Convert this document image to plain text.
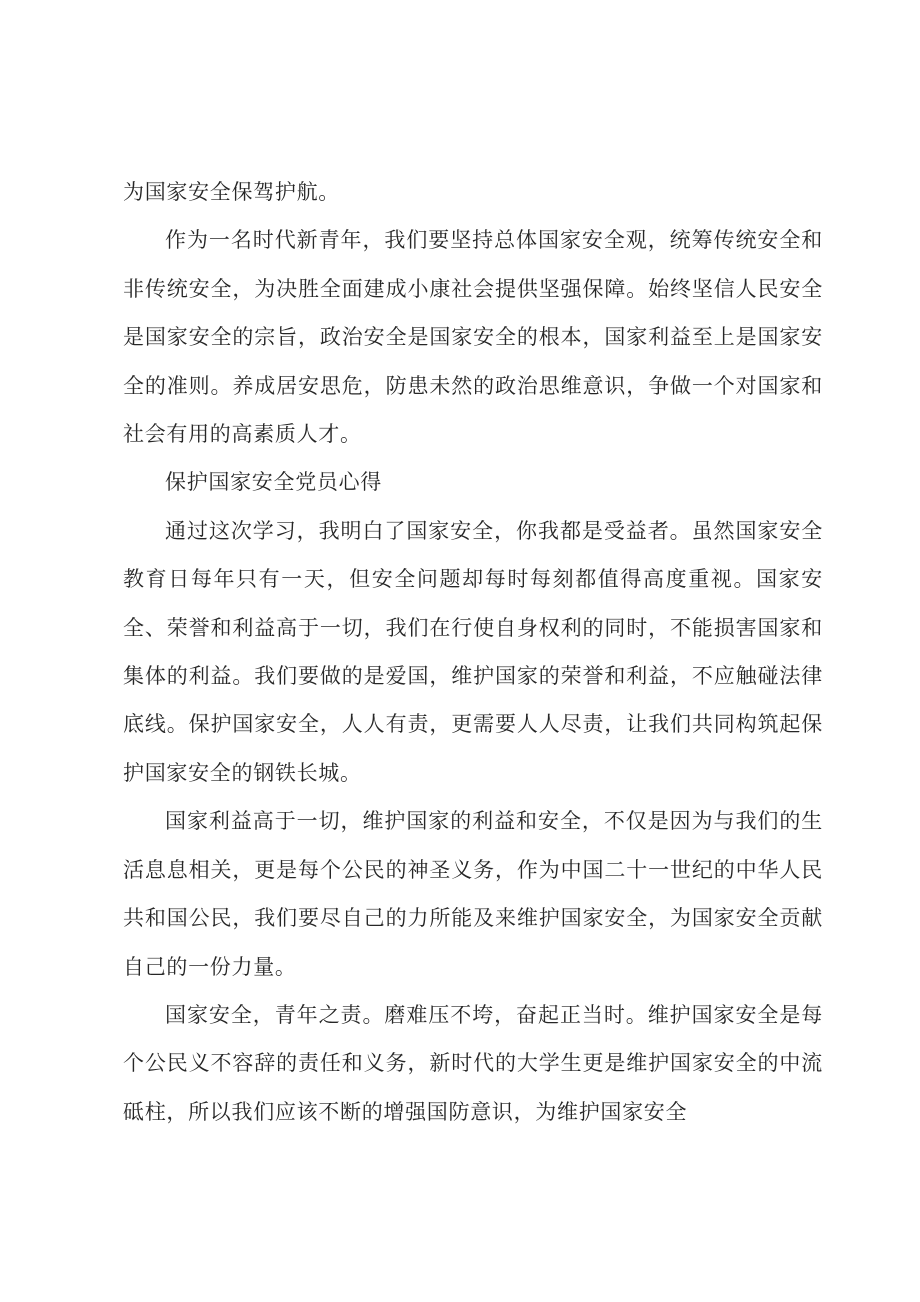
为国家安全保驾护航。

作为一名时代新青年，我们要坚持总体国家安全观，统筹传统安全和非传统安全，为决胜全面建成小康社会提供坚强保障。始终坚信人民安全是国家安全的宗旨，政治安全是国家安全的根本，国家利益至上是国家安全的准则。养成居安思危，防患未然的政治思维意识，争做一个对国家和社会有用的高素质人才。

保护国家安全党员心得

通过这次学习，我明白了国家安全，你我都是受益者。虽然国家安全教育日每年只有一天，但安全问题却每时每刻都值得高度重视。国家安全、荣誉和利益高于一切，我们在行使自身权利的同时，不能损害国家和集体的利益。我们要做的是爱国，维护国家的荣誉和利益，不应触碰法律底线。保护国家安全，人人有责，更需要人人尽责，让我们共同构筑起保护国家安全的钢铁长城。

国家利益高于一切，维护国家的利益和安全，不仅是因为与我们的生活息息相关，更是每个公民的神圣义务，作为中国二十一世纪的中华人民共和国公民，我们要尽自己的力所能及来维护国家安全，为国家安全贡献自己的一份力量。

国家安全，青年之责。磨难压不垮，奋起正当时。维护国家安全是每个公民义不容辞的责任和义务，新时代的大学生更是维护国家安全的中流砥柱，所以我们应该不断的增强国防意识，为维护国家安全
